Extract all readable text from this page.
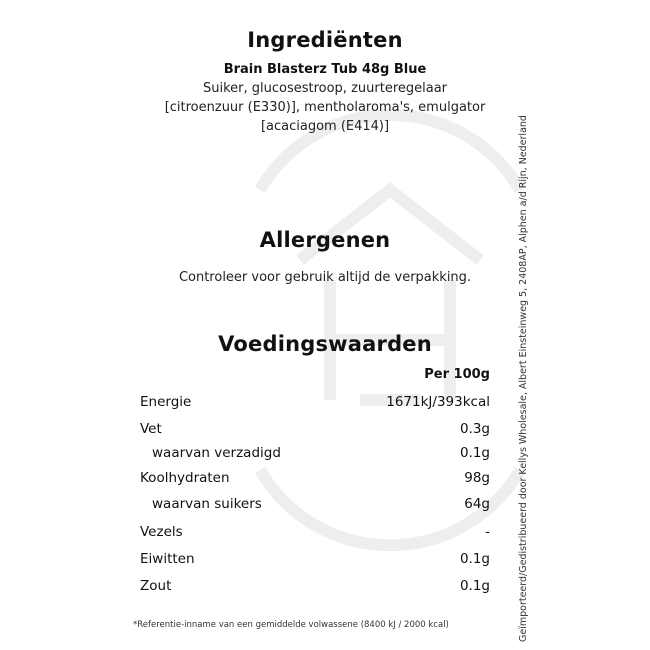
Ingrediënten
Brain Blasterz Tub 48g Blue
Suiker, glucosestroop, zuurteregelaar
[citroenzuur (E330)], mentholaroma's, emulgator
[acaciagom (E414)]
Allergenen
Controleer voor gebruik altijd de verpakking.
Voedingswaarden
Per 100g
Energie	1671kJ/393kcal
Vet	0.3g
waarvan verzadigd	0.1g
Koolhydraten	98g
waarvan suikers	64g
Vezels	-
Eiwitten	0.1g
Zout	0.1g
*Referentie-inname van een gemiddelde volwassene (8400 kJ / 2000 kcal)	Geïmporteerd/Gedistribueerd door Kellys Wholesale, Albert Einsteinweg 5, 2408AP, Alphen a/d Rijn, Nederland
